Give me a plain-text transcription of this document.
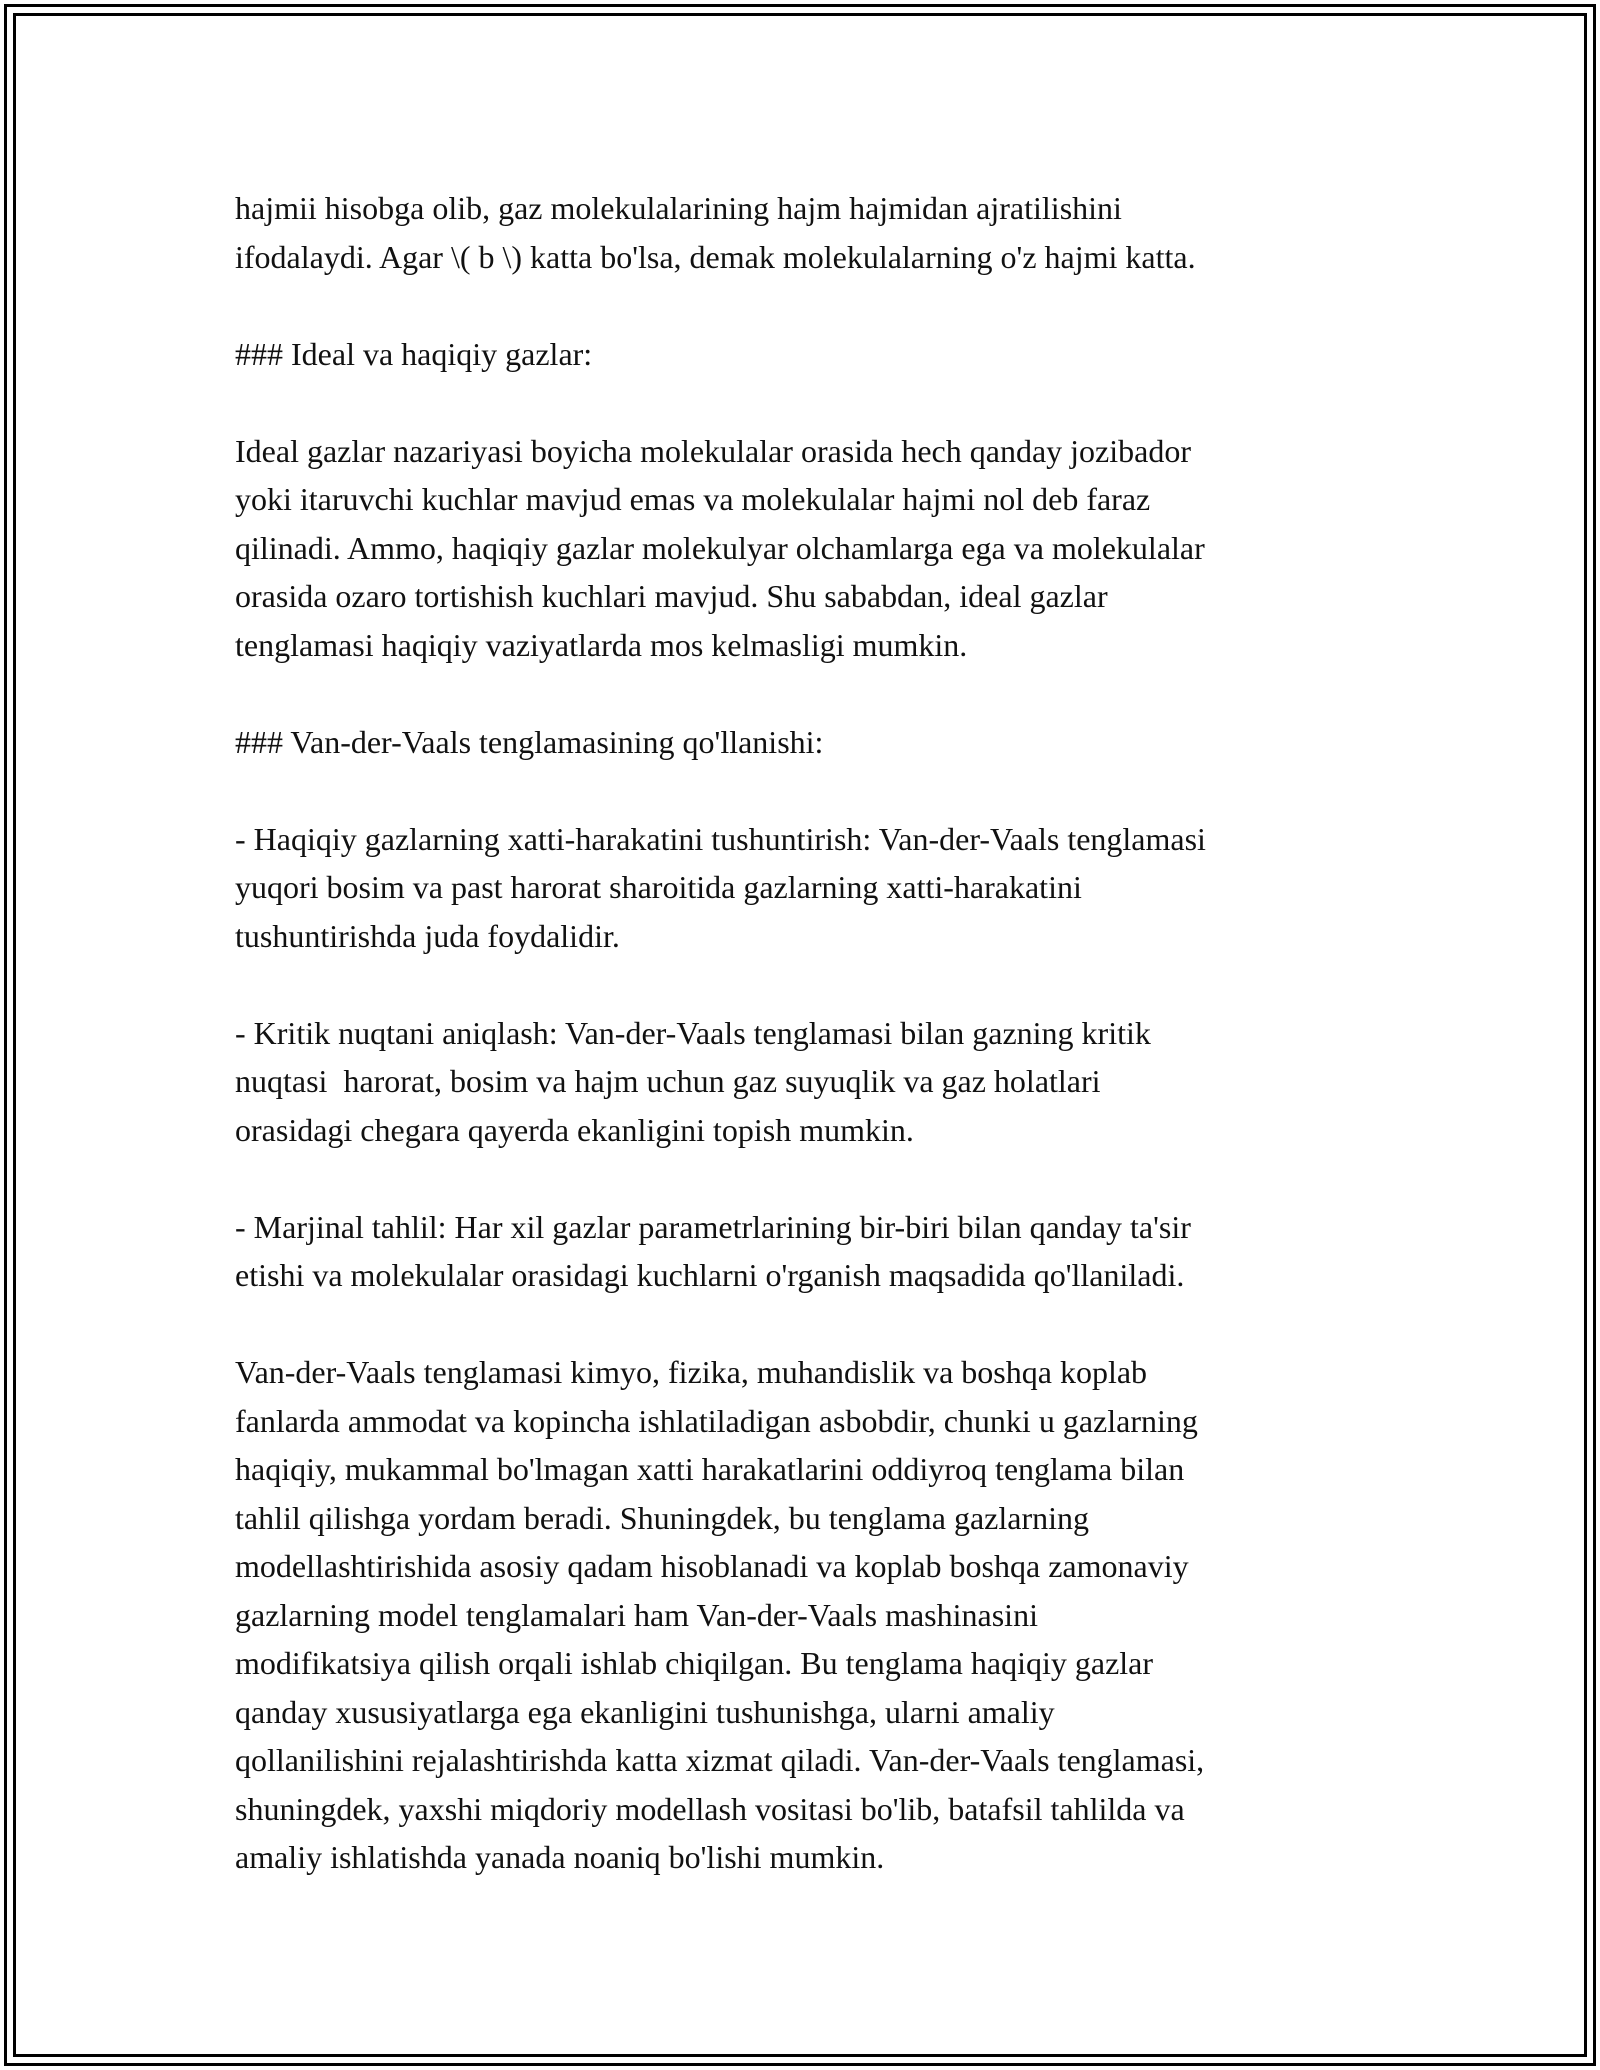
hajmii hisobga olib, gaz molekulalarining hajm hajmidan ajratilishini
ifodalaydi. Agar \( b \) katta bo'lsa, demak molekulalarning o'z hajmi katta.
### Ideal va haqiqiy gazlar:
Ideal gazlar nazariyasi boyicha molekulalar orasida hech qanday jozibador
yoki itaruvchi kuchlar mavjud emas va molekulalar hajmi nol deb faraz
qilinadi. Ammo, haqiqiy gazlar molekulyar olchamlarga ega va molekulalar
orasida ozaro tortishish kuchlari mavjud. Shu sababdan, ideal gazlar
tenglamasi haqiqiy vaziyatlarda mos kelmasligi mumkin.
### Van-der-Vaals tenglamasining qo'llanishi:
- Haqiqiy gazlarning xatti-harakatini tushuntirish: Van-der-Vaals tenglamasi
yuqori bosim va past harorat sharoitida gazlarning xatti-harakatini
tushuntirishda juda foydalidir.
- Kritik nuqtani aniqlash: Van-der-Vaals tenglamasi bilan gazning kritik
nuqtasi  harorat, bosim va hajm uchun gaz suyuqlik va gaz holatlari
orasidagi chegara qayerda ekanligini topish mumkin.
- Marjinal tahlil: Har xil gazlar parametrlarining bir-biri bilan qanday ta'sir
etishi va molekulalar orasidagi kuchlarni o'rganish maqsadida qo'llaniladi.
Van-der-Vaals tenglamasi kimyo, fizika, muhandislik va boshqa koplab
fanlarda ammodat va kopincha ishlatiladigan asbobdir, chunki u gazlarning
haqiqiy, mukammal bo'lmagan xatti harakatlarini oddiyroq tenglama bilan
tahlil qilishga yordam beradi. Shuningdek, bu tenglama gazlarning
modellashtirishida asosiy qadam hisoblanadi va koplab boshqa zamonaviy
gazlarning model tenglamalari ham Van-der-Vaals mashinasini
modifikatsiya qilish orqali ishlab chiqilgan. Bu tenglama haqiqiy gazlar
qanday xususiyatlarga ega ekanligini tushunishga, ularni amaliy
qollanilishini rejalashtirishda katta xizmat qiladi. Van-der-Vaals tenglamasi,
shuningdek, yaxshi miqdoriy modellash vositasi bo'lib, batafsil tahlilda va
amaliy ishlatishda yanada noaniq bo'lishi mumkin.
